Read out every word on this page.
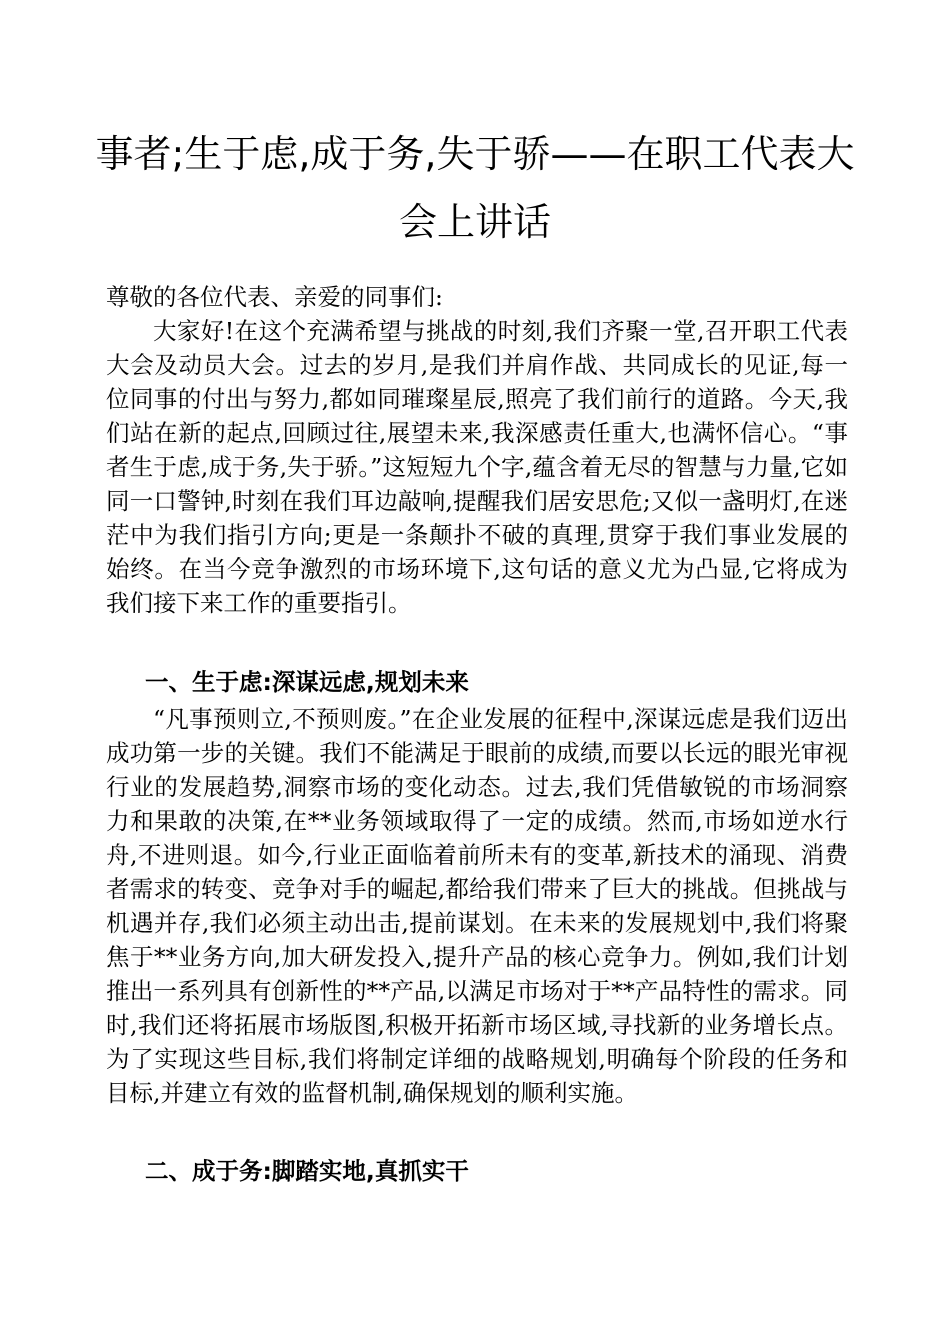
事者;生于虑,成于务,失于骄——在职工代表大
会上讲话

尊敬的各位代表、亲爱的同事们:

大家好!在这个充满希望与挑战的时刻,我们齐聚一堂,召开职工代表大会及动员大会。过去的岁月,是我们并肩作战、共同成长的见证,每一位同事的付出与努力,都如同璀璨星辰,照亮了我们前行的道路。今天,我们站在新的起点,回顾过往,展望未来,我深感责任重大,也满怀信心。“事者生于虑,成于务,失于骄。”这短短九个字,蕴含着无尽的智慧与力量,它如同一口警钟,时刻在我们耳边敲响,提醒我们居安思危;又似一盏明灯,在迷茫中为我们指引方向;更是一条颠扑不破的真理,贯穿于我们事业发展的始终。在当今竞争激烈的市场环境下,这句话的意义尤为凸显,它将成为我们接下来工作的重要指引。

一、生于虑:深谋远虑,规划未来

“凡事预则立,不预则废。”在企业发展的征程中,深谋远虑是我们迈出成功第一步的关键。我们不能满足于眼前的成绩,而要以长远的眼光审视行业的发展趋势,洞察市场的变化动态。过去,我们凭借敏锐的市场洞察力和果敢的决策,在**业务领域取得了一定的成绩。然而,市场如逆水行舟,不进则退。如今,行业正面临着前所未有的变革,新技术的涌现、消费者需求的转变、竞争对手的崛起,都给我们带来了巨大的挑战。但挑战与机遇并存,我们必须主动出击,提前谋划。在未来的发展规划中,我们将聚焦于**业务方向,加大研发投入,提升产品的核心竞争力。例如,我们计划推出一系列具有创新性的**产品,以满足市场对于**产品特性的需求。同时,我们还将拓展市场版图,积极开拓新市场区域,寻找新的业务增长点。为了实现这些目标,我们将制定详细的战略规划,明确每个阶段的任务和目标,并建立有效的监督机制,确保规划的顺利实施。

二、成于务:脚踏实地,真抓实干
